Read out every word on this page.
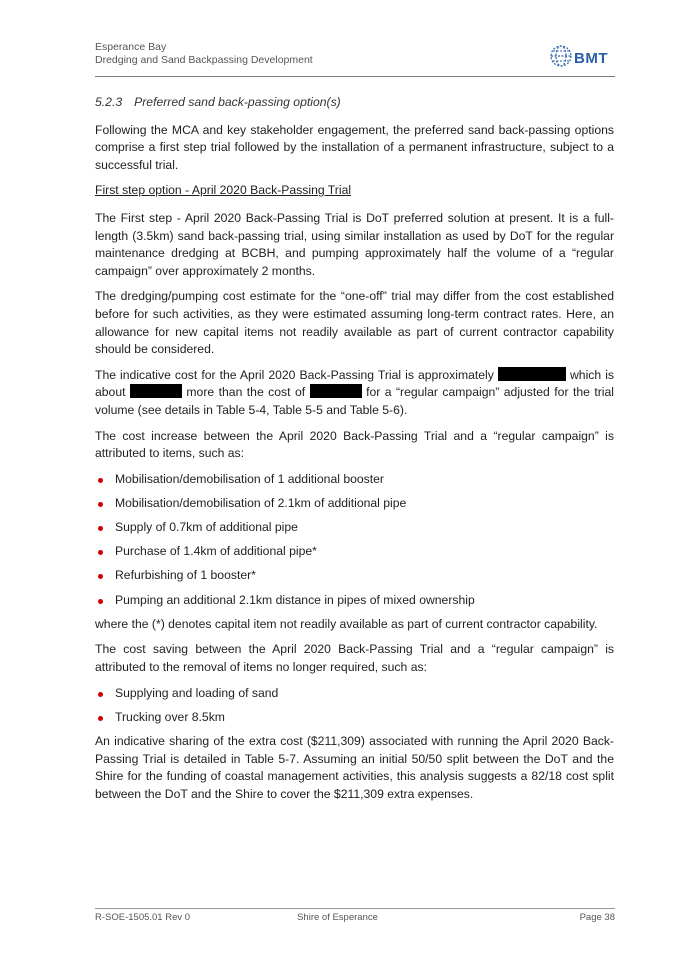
Esperance Bay
Dredging and Sand Backpassing Development	BMT
5.2.3 Preferred sand back-passing option(s)

Following the MCA and key stakeholder engagement, the preferred sand back-passing options comprise a first step trial followed by the installation of a permanent infrastructure, subject to a successful trial.

First step option - April 2020 Back-Passing Trial

The First step - April 2020 Back-Passing Trial is DoT preferred solution at present. It is a full-length (3.5km) sand back-passing trial, using similar installation as used by DoT for the regular maintenance dredging at BCBH, and pumping approximately half the volume of a “regular campaign” over approximately 2 months.

The dredging/pumping cost estimate for the “one-off” trial may differ from the cost established before for such activities, as they were estimated assuming long-term contract rates. Here, an allowance for new capital items not readily available as part of current contractor capability should be considered.

The indicative cost for the April 2020 Back-Passing Trial is approximately	which is about	more than the cost of	for a “regular campaign” adjusted for the trial volume (see details in Table 5-4, Table 5-5 and Table 5-6).

The cost increase between the April 2020 Back-Passing Trial and a “regular campaign” is attributed to items, such as:

Mobilisation/demobilisation of 1 additional booster
Mobilisation/demobilisation of 2.1km of additional pipe
Supply of 0.7km of additional pipe
Purchase of 1.4km of additional pipe*
Refurbishing of 1 booster*
Pumping an additional 2.1km distance in pipes of mixed ownership

where the (*) denotes capital item not readily available as part of current contractor capability.

The cost saving between the April 2020 Back-Passing Trial and a “regular campaign” is attributed to the removal of items no longer required, such as:

Supplying and loading of sand
Trucking over 8.5km

An indicative sharing of the extra cost ($211,309) associated with running the April 2020 Back-Passing Trial is detailed in Table 5-7. Assuming an initial 50/50 split between the DoT and the Shire for the funding of coastal management activities, this analysis suggests a 82/18 cost split between the DoT and the Shire to cover the $211,309 extra expenses.

R-SOE-1505.01 Rev 0	Shire of Esperance	Page 38
